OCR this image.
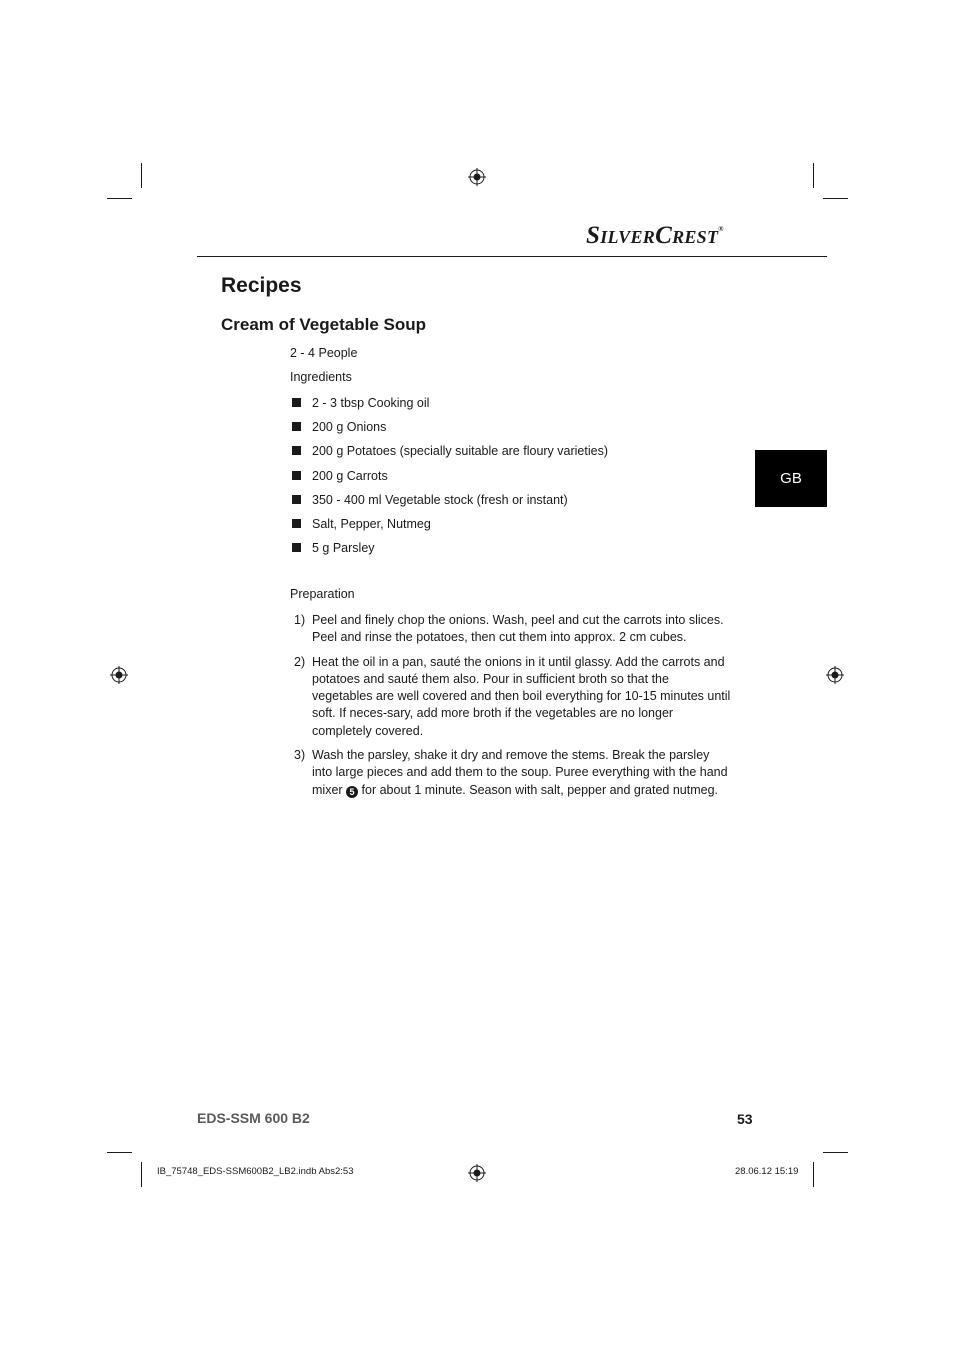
SILVERCREST®
Recipes
Cream of Vegetable Soup
2 - 4 People
Ingredients
2 - 3 tbsp Cooking oil
200 g Onions
200 g Potatoes (specially suitable are floury varieties)
200 g Carrots
350 - 400 ml Vegetable stock (fresh or instant)
Salt, Pepper, Nutmeg
5 g Parsley
Preparation
1) Peel and finely chop the onions. Wash, peel and cut the carrots into slices. Peel and rinse the potatoes, then cut them into approx. 2 cm cubes.
2) Heat the oil in a pan, sauté the onions in it until glassy. Add the carrots and potatoes and sauté them also. Pour in sufficient broth so that the vegetables are well covered and then boil everything for 10-15 minutes until soft. If neces-sary, add more broth if the vegetables are no longer completely covered.
3) Wash the parsley, shake it dry and remove the stems. Break the parsley into large pieces and add them to the soup. Puree everything with the hand mixer 5 for about 1 minute. Season with salt, pepper and grated nutmeg.
GB
EDS-SSM 600 B2	53
IB_75748_EDS-SSM600B2_LB2.indb Abs2:53	28.06.12 15:19
